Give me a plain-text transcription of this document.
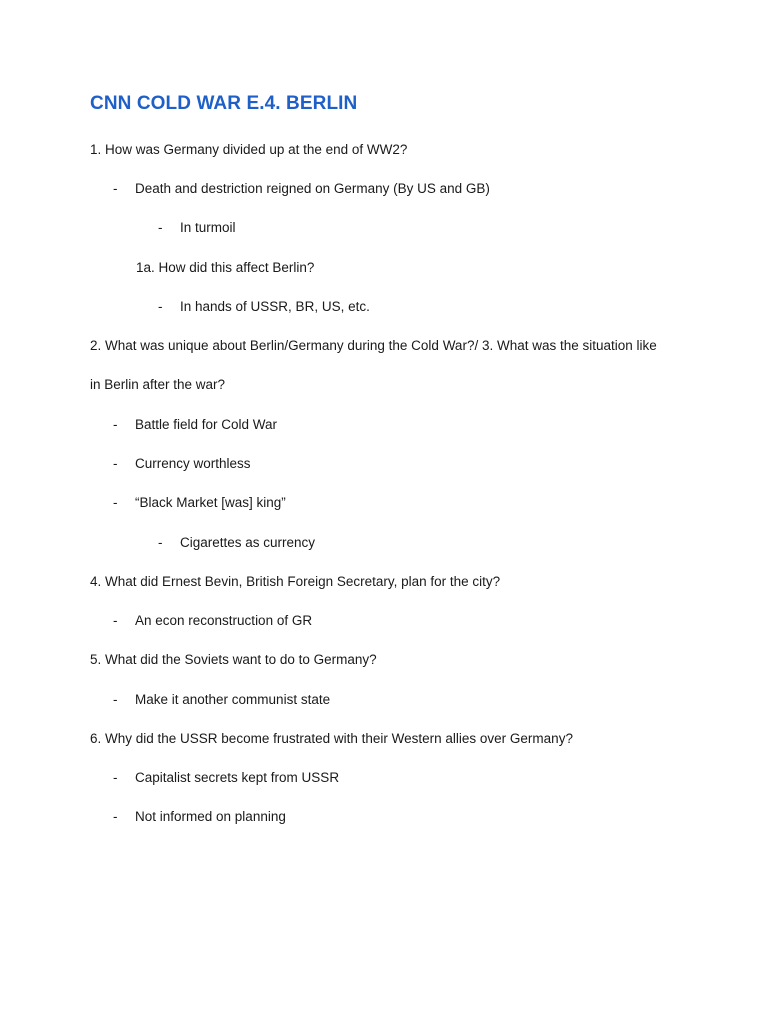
CNN COLD WAR E.4. BERLIN
1. How was Germany divided up at the end of WW2?
- Death and destriction reigned on Germany (By US and GB)
- In turmoil
1a. How did this affect Berlin?
- In hands of USSR, BR, US, etc.
2. What was unique about Berlin/Germany during the Cold War?/ 3. What was the situation like
in Berlin after the war?
- Battle field for Cold War
- Currency worthless
- “Black Market [was] king”
- Cigarettes as currency
4. What did Ernest Bevin, British Foreign Secretary, plan for the city?
- An econ reconstruction of GR
5. What did the Soviets want to do to Germany?
- Make it another communist state
6. Why did the USSR become frustrated with their Western allies over Germany?
- Capitalist secrets kept from USSR
- Not informed on planning
